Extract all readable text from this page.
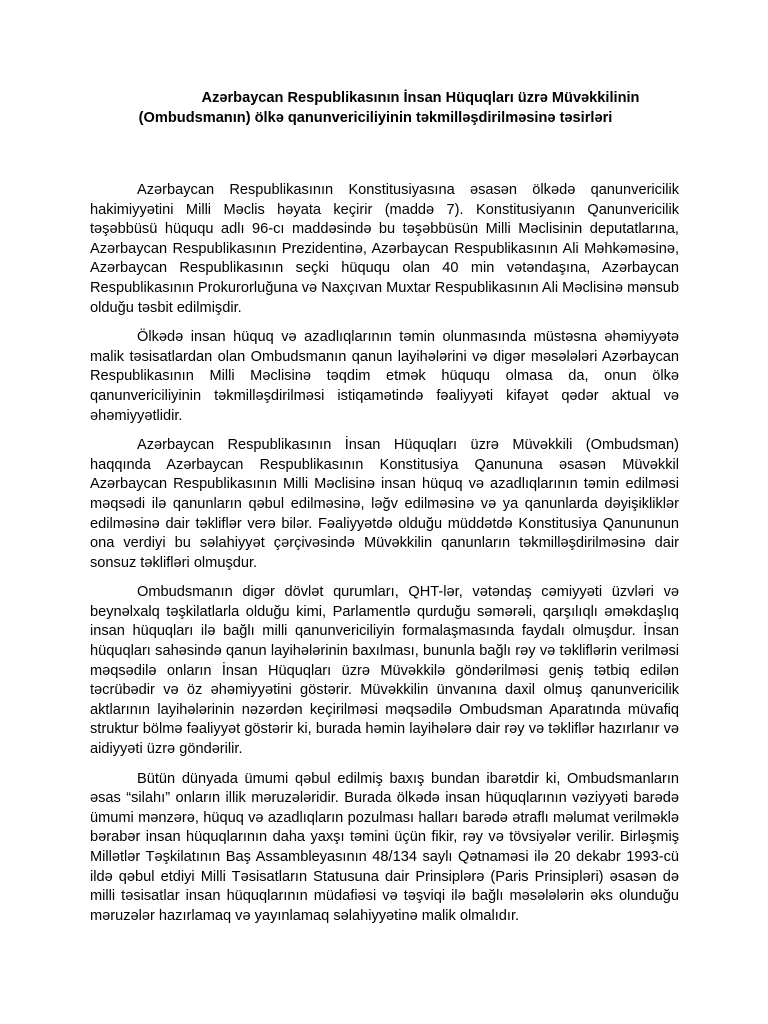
Azərbaycan Respublikasının İnsan Hüquqları üzrə Müvəkkilinin
(Ombudsmanın) ölkə qanunvericiliyinin təkmilləşdirilməsinə təsirləri

Azərbaycan Respublikasının Konstitusiyasına əsasən ölkədə qanunvericilik hakimiyyətini Milli Məclis həyata keçirir (maddə 7). Konstitusiyanın Qanunvericilik təşəbbüsü hüququ adlı 96-cı maddəsində bu təşəbbüsün Milli Məclisinin deputatlarına, Azərbaycan Respublikasının Prezidentinə, Azərbaycan Respublikasının Ali Məhkəməsinə, Azərbaycan Respublikasının seçki hüququ olan 40 min vətəndaşına, Azərbaycan Respublikasının Prokurorluğuna və Naxçıvan Muxtar Respublikasının Ali Məclisinə mənsub olduğu təsbit edilmişdir.

Ölkədə insan hüquq və azadlıqlarının təmin olunmasında müstəsna əhəmiyyətə malik təsisatlardan olan Ombudsmanın qanun layihələrini və digər məsələləri Azərbaycan Respublikasının Milli Məclisinə təqdim etmək hüququ olmasa da, onun ölkə qanunvericiliyinin təkmilləşdirilməsi istiqamətində fəaliyyəti kifayət qədər aktual və əhəmiyyətlidir.

Azərbaycan Respublikasının İnsan Hüquqları üzrə Müvəkkili (Ombudsman) haqqında Azərbaycan Respublikasının Konstitusiya Qanununa əsasən Müvəkkil Azərbaycan Respublikasının Milli Məclisinə insan hüquq və azadlıqlarının təmin edilməsi məqsədi ilə qanunların qəbul edilməsinə, ləğv edilməsinə və ya qanunlarda dəyişikliklər edilməsinə dair təkliflər verə bilər. Fəaliyyətdə olduğu müddətdə Konstitusiya Qanununun ona verdiyi bu səlahiyyət çərçivəsində Müvəkkilin qanunların təkmilləşdirilməsinə dair sonsuz təklifləri olmuşdur.

Ombudsmanın digər dövlət qurumları, QHT-lər, vətəndaş cəmiyyəti üzvləri və beynəlxalq təşkilatlarla olduğu kimi, Parlamentlə qurduğu səmərəli, qarşılıqlı əməkdaşlıq insan hüquqları ilə bağlı milli qanunvericiliyin formalaşmasında faydalı olmuşdur. İnsan hüquqları sahəsində qanun layihələrinin baxılması, bununla bağlı rəy və təkliflərin verilməsi məqsədilə onların İnsan Hüquqları üzrə Müvəkkilə göndərilməsi geniş tətbiq edilən təcrübədir və öz əhəmiyyətini göstərir. Müvəkkilin ünvanına daxil olmuş qanunvericilik aktlarının layihələrinin nəzərdən keçirilməsi məqsədilə Ombudsman Aparatında müvafiq struktur bölmə fəaliyyət göstərir ki, burada həmin layihələrə dair rəy və təkliflər hazırlanır və aidiyyəti üzrə göndərilir.

Bütün dünyada ümumi qəbul edilmiş baxış bundan ibarətdir ki, Ombudsmanların əsas “silahı” onların illik məruzələridir. Burada ölkədə insan hüquqlarının vəziyyəti barədə ümumi mənzərə, hüquq və azadlıqların pozulması halları barədə ətraflı məlumat verilməklə bərabər insan hüquqlarının daha yaxşı təmini üçün fikir, rəy və tövsiyələr verilir. Birləşmiş Millətlər Təşkilatının Baş Assambleyasının 48/134 saylı Qətnaməsi ilə 20 dekabr 1993-cü ildə qəbul etdiyi Milli Təsisatların Statusuna dair Prinsiplərə (Paris Prinsipləri) əsasən də milli təsisatlar insan hüquqlarının müdafiəsi və təşviqi ilə bağlı məsələlərin əks olunduğu məruzələr hazırlamaq və yayınlamaq səlahiyyətinə malik olmalıdır.
